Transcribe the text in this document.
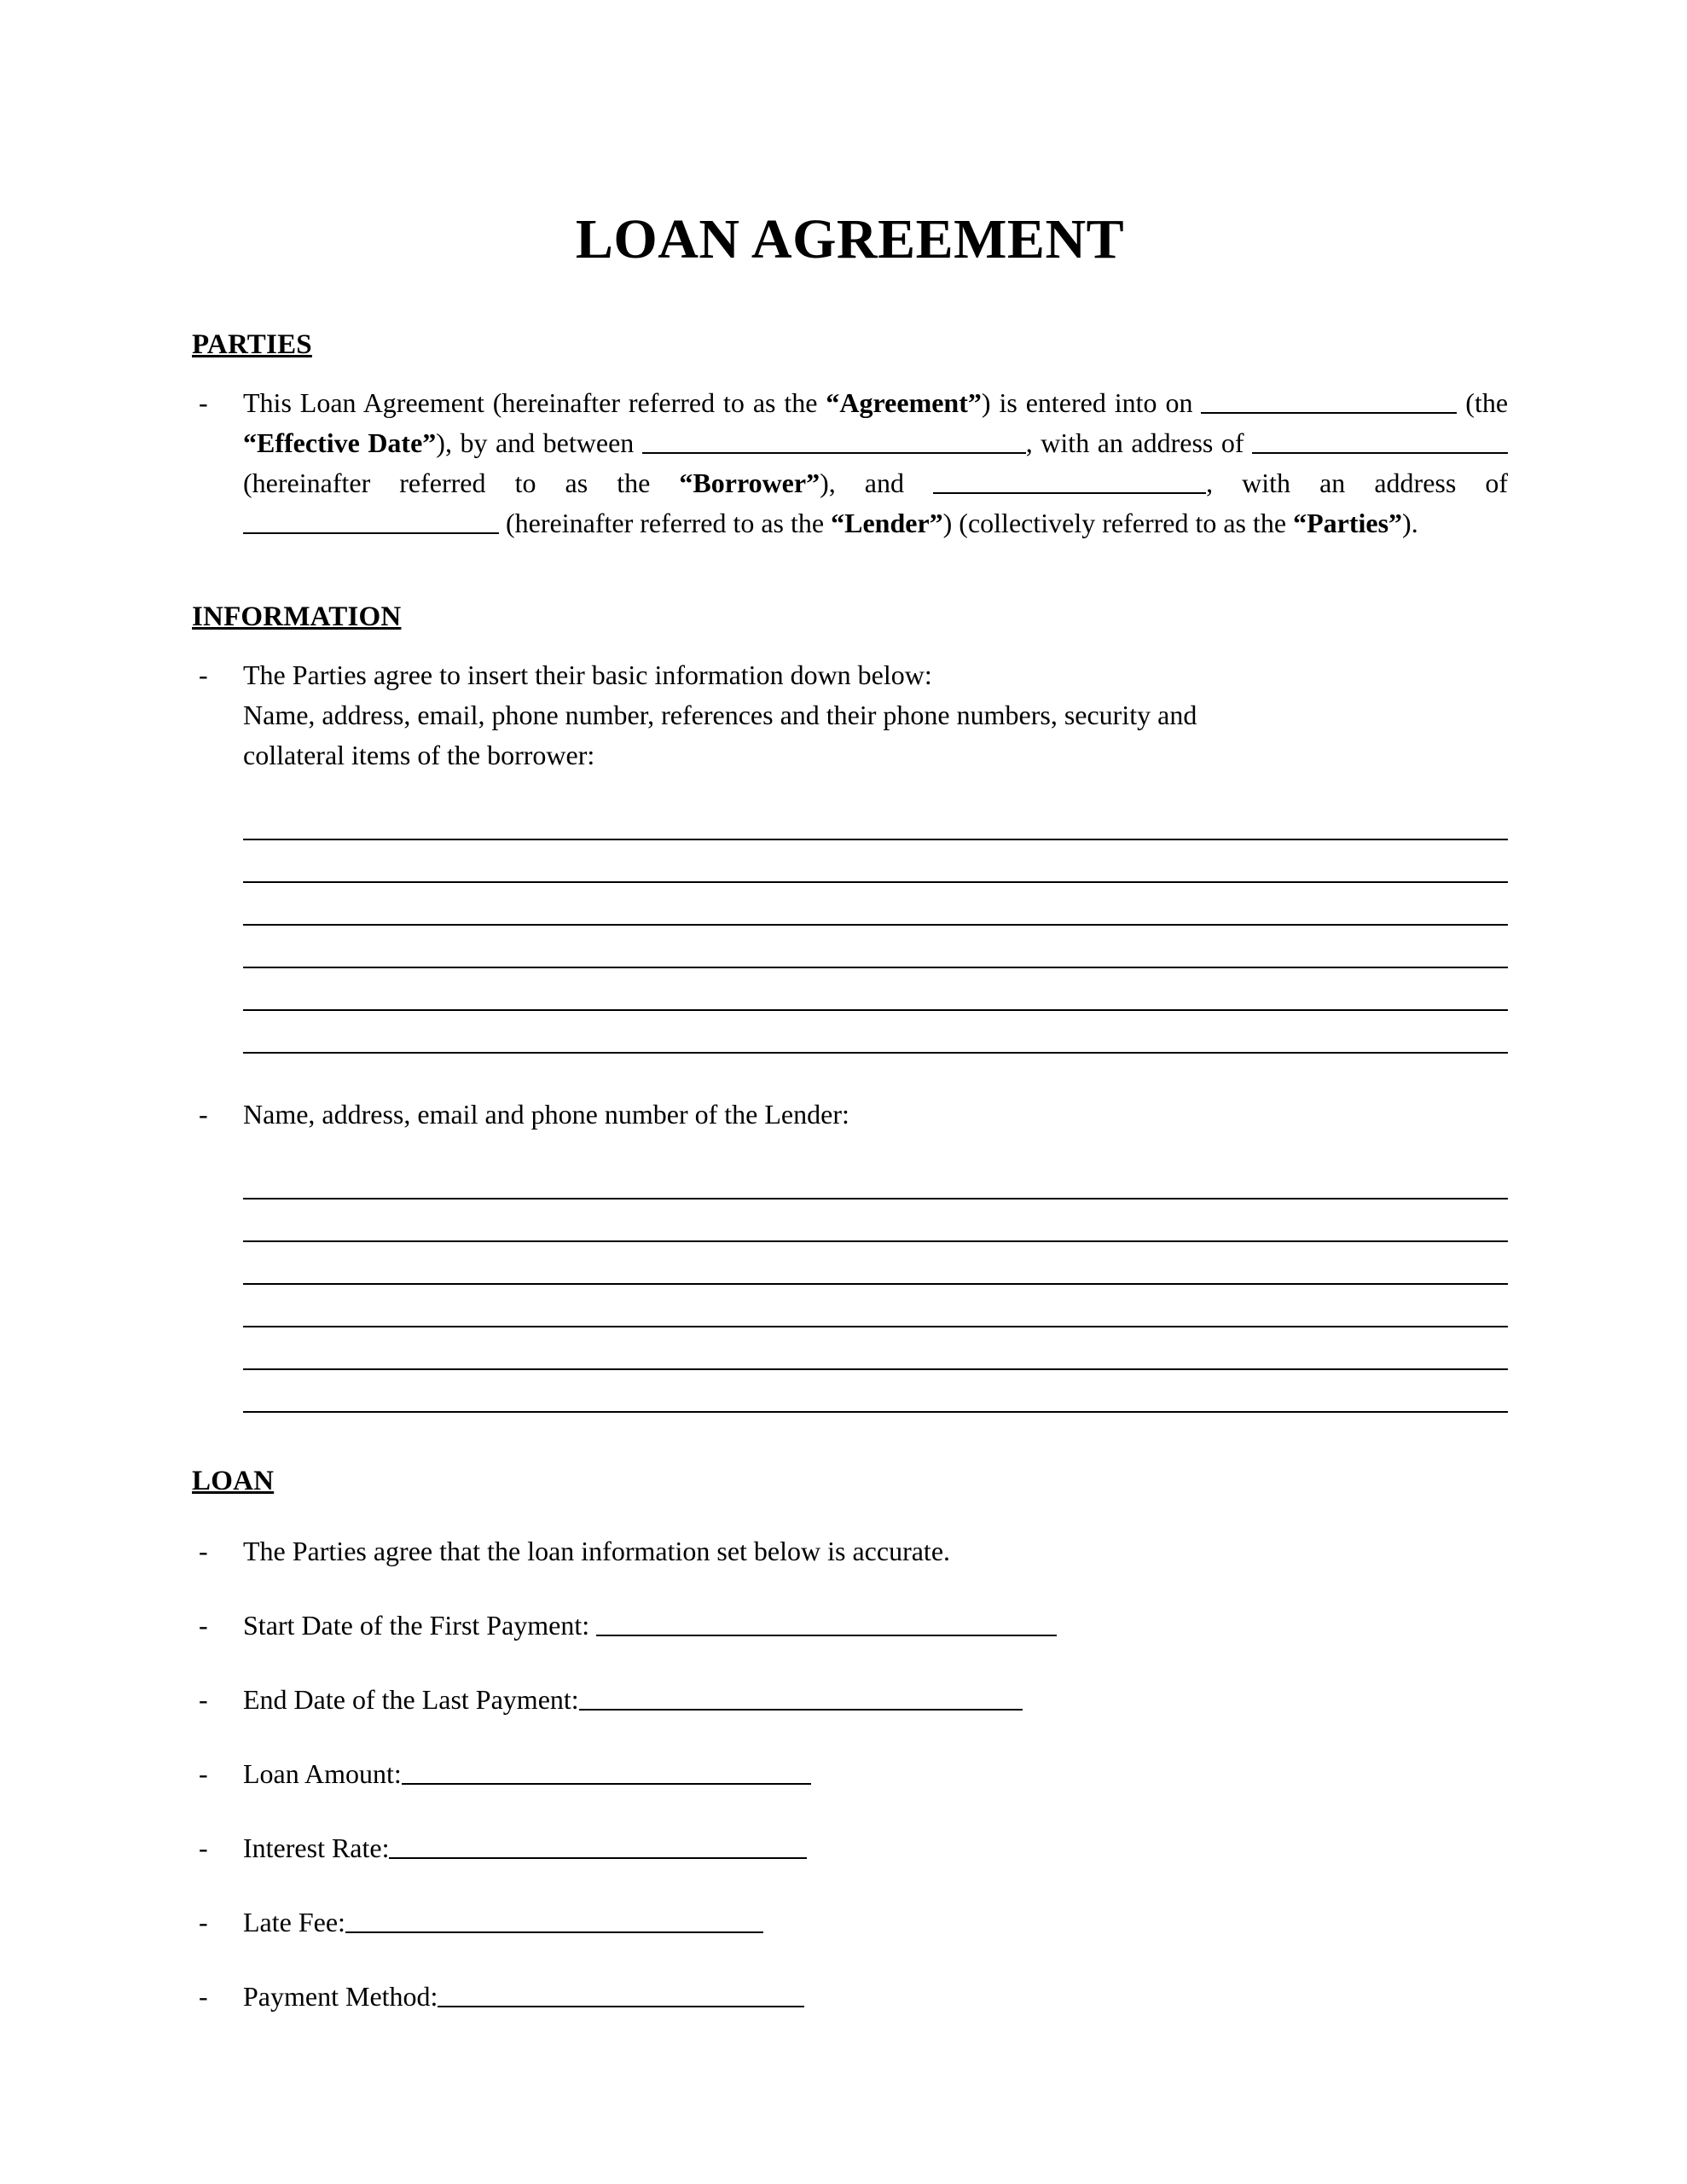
LOAN AGREEMENT
PARTIES
-	This Loan Agreement (hereinafter referred to as the “Agreement”) is entered into on	(the “Effective Date”), by and between	, with an address of  (hereinafter referred to as the “Borrower”), and	, with an address of  (hereinafter referred to as the “Lender”) (collectively referred to as the “Parties”).
INFORMATION
-	The Parties agree to insert their basic information down below:
Name, address, email, phone number, references and their phone numbers, security and
collateral items of the borrower:
-	Name, address, email and phone number of the Lender:
LOAN
-	The Parties agree that the loan information set below is accurate.
-	Start Date of the First Payment:
-	End Date of the Last Payment:
-	Loan Amount:
-	Interest Rate:
-	Late Fee:
-	Payment Method:
